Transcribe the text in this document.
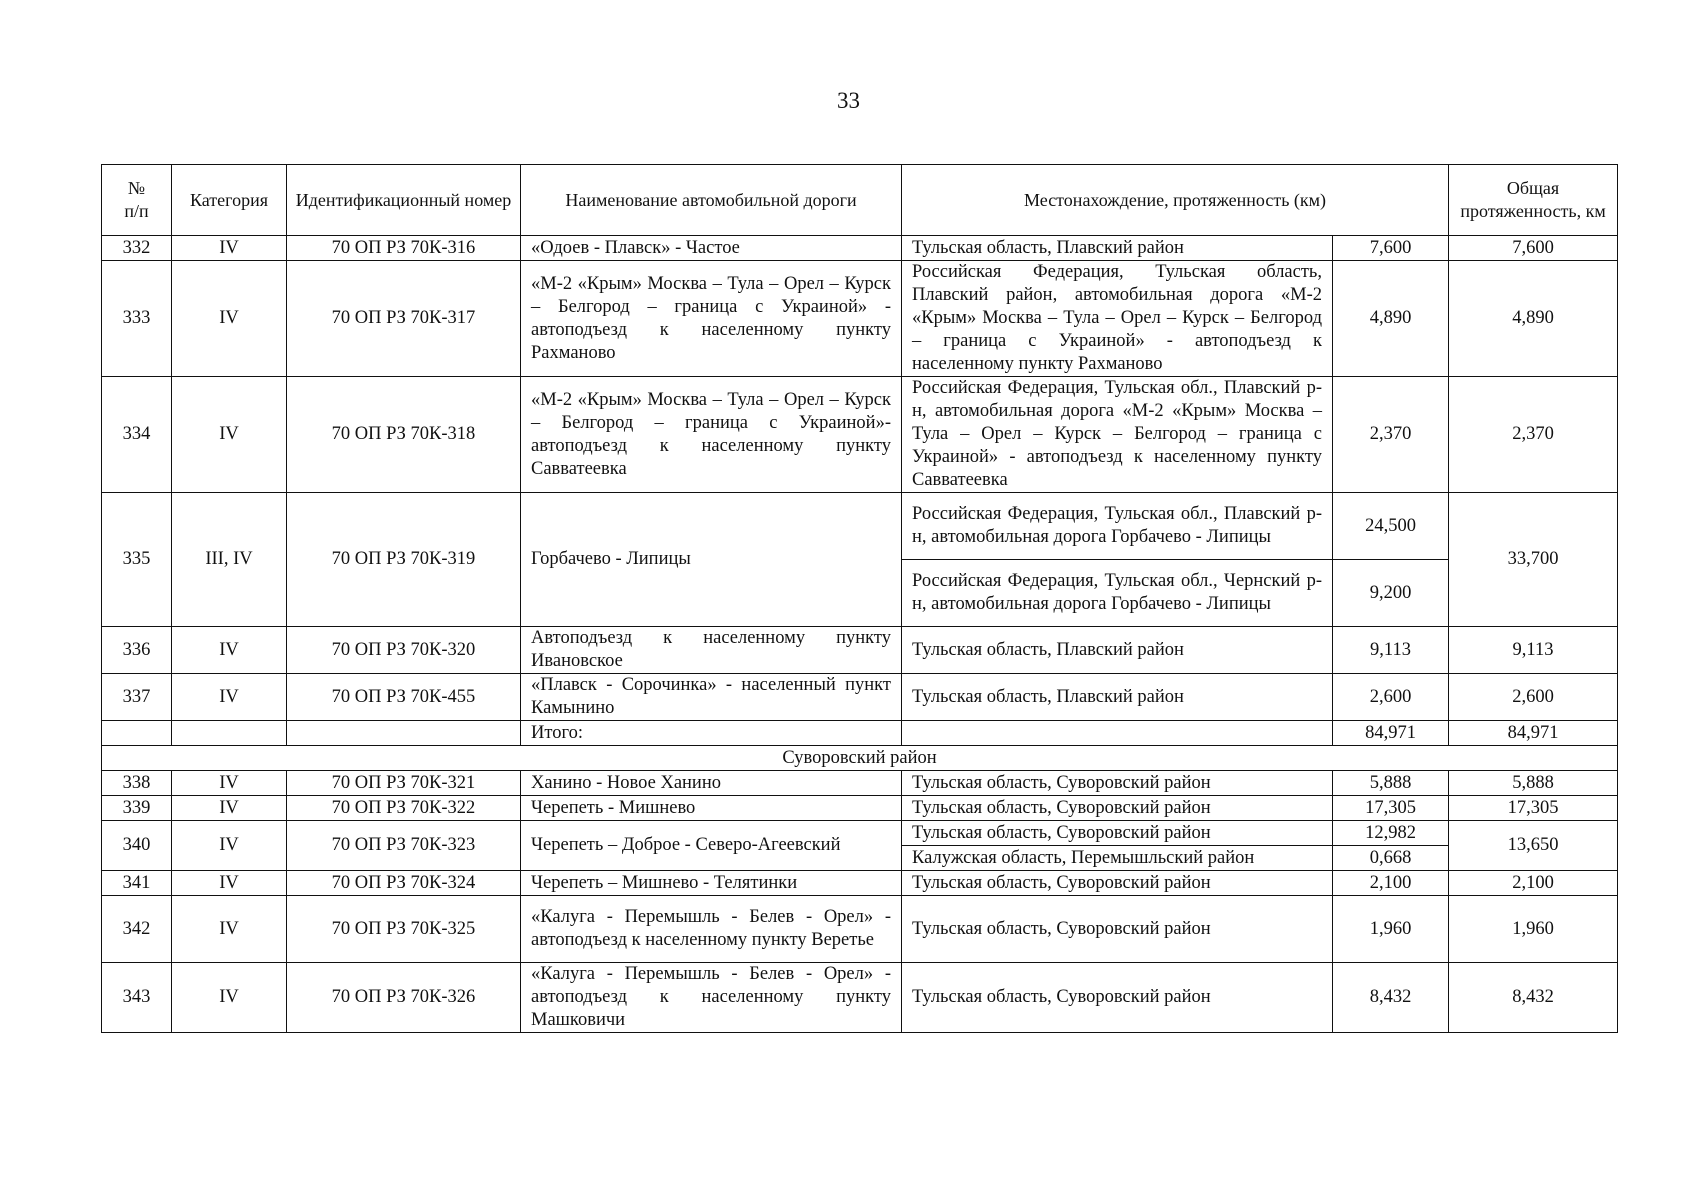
33
№
п/п	Категория	Идентификационный номер	Наименование автомобильной дороги	Местонахождение, протяженность (км)		Общая протяженность, км
332	IV	70 ОП РЗ 70К-316	«Одоев - Плавск» - Частое	Тульская область, Плавский район	7,600	7,600
333	IV	70 ОП РЗ 70К-317	«М-2 «Крым» Москва – Тула – Орел – Курск – Белгород – граница с Украиной» - автоподъезд к населенному пункту Рахманово	Российская Федерация, Тульская область, Плавский район, автомобильная дорога «М-2 «Крым» Москва – Тула – Орел – Курск – Белгород – граница с Украиной» - автоподъезд к населенному пункту Рахманово	4,890	4,890
334	IV	70 ОП РЗ 70К-318	«М-2 «Крым» Москва – Тула – Орел – Курск – Белгород – граница с Украиной»- автоподъезд к населенному пункту Савватеевка	Российская Федерация, Тульская обл., Плавский р-н, автомобильная дорога «М-2 «Крым» Москва – Тула – Орел – Курск – Белгород – граница с Украиной» - автоподъезд к населенному пункту Савватеевка	2,370	2,370
335	III, IV	70 ОП РЗ 70К-319	Горбачево - Липицы	Российская Федерация, Тульская обл., Плавский р-н, автомобильная дорога Горбачево - Липицы	24,500	33,700
				Российская Федерация, Тульская обл., Чернский р-н, автомобильная дорога Горбачево - Липицы	9,200	
336	IV	70 ОП РЗ 70К-320	Автоподъезд к населенному пункту Ивановское	Тульская область, Плавский район	9,113	9,113
337	IV	70 ОП РЗ 70К-455	«Плавск - Сорочинка» - населенный пункт Камынино	Тульская область, Плавский район	2,600	2,600
			Итого:		84,971	84,971
Суворовский район						
338	IV	70 ОП РЗ 70К-321	Ханино - Новое Ханино	Тульская область, Суворовский район	5,888	5,888
339	IV	70 ОП РЗ 70К-322	Черепеть - Мишнево	Тульская область, Суворовский район	17,305	17,305
340	IV	70 ОП РЗ 70К-323	Черепеть – Доброе - Северо-Агеевский	Тульская область, Суворовский район	12,982	13,650
				Калужская область, Перемышльский район	0,668	
341	IV	70 ОП РЗ 70К-324	Черепеть – Мишнево - Телятинки	Тульская область, Суворовский район	2,100	2,100
342	IV	70 ОП РЗ 70К-325	«Калуга - Перемышль - Белев - Орел» - автоподъезд к населенному пункту Веретье	Тульская область, Суворовский район	1,960	1,960
343	IV	70 ОП РЗ 70К-326	«Калуга - Перемышль - Белев - Орел» - автоподъезд к населенному пункту Машковичи	Тульская область, Суворовский район	8,432	8,432
